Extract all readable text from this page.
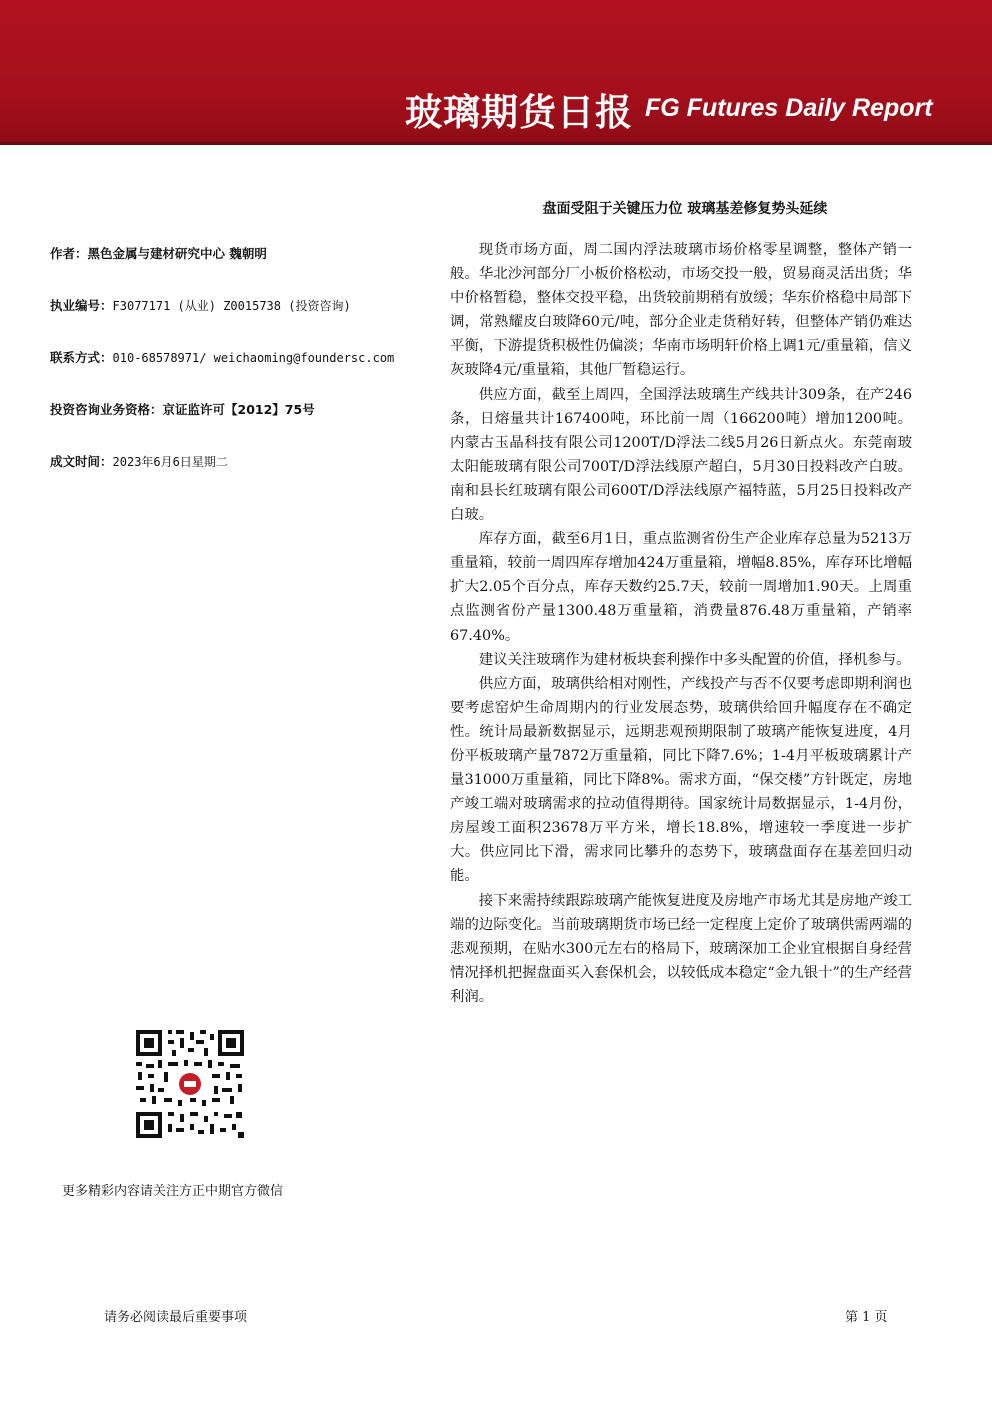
玻璃期货日报 FG Futures Daily Report
盘面受阻于关键压力位 玻璃基差修复势头延续
作者：黑色金属与建材研究中心 魏朝明
执业编号：F3077171 (从业) Z0015738 (投资咨询)
联系方式：010-68578971/ weichaoming@foundersc.com
投资咨询业务资格：京证监许可【2012】75号
成文时间：2023年6月6日星期二

现货市场方面，周二国内浮法玻璃市场价格零星调整，整体产销一般。华北沙河部分厂小板价格松动，市场交投一般，贸易商灵活出货；华中价格暂稳，整体交投平稳，出货较前期稍有放缓；华东价格稳中局部下调，常熟耀皮白玻降60元/吨，部分企业走货稍好转，但整体产销仍难达平衡，下游提货积极性仍偏淡；华南市场明轩价格上调1元/重量箱，信义灰玻降4元/重量箱，其他厂暂稳运行。

供应方面，截至上周四，全国浮法玻璃生产线共计309条，在产246条，日熔量共计167400吨，环比前一周（166200吨）增加1200吨。内蒙古玉晶科技有限公司1200T/D浮法二线5月26日新点火。东莞南玻太阳能玻璃有限公司700T/D浮法线原产超白，5月30日投料改产白玻。南和县长红玻璃有限公司600T/D浮法线原产福特蓝，5月25日投料改产白玻。

库存方面，截至6月1日，重点监测省份生产企业库存总量为5213万重量箱，较前一周四库存增加424万重量箱，增幅8.85%，库存环比增幅扩大2.05个百分点，库存天数约25.7天，较前一周增加1.90天。上周重点监测省份产量1300.48万重量箱，消费量876.48万重量箱，产销率67.40%。

建议关注玻璃作为建材板块套利操作中多头配置的价值，择机参与。

供应方面，玻璃供给相对刚性，产线投产与否不仅要考虑即期利润也要考虑窑炉生命周期内的行业发展态势，玻璃供给回升幅度存在不确定性。统计局最新数据显示，远期悲观预期限制了玻璃产能恢复进度，4月份平板玻璃产量7872万重量箱，同比下降7.6%；1-4月平板玻璃累计产量31000万重量箱，同比下降8%。需求方面，“保交楼”方针既定，房地产竣工端对玻璃需求的拉动值得期待。国家统计局数据显示，1-4月份，房屋竣工面积23678万平方米，增长18.8%，增速较一季度进一步扩大。供应同比下滑，需求同比攀升的态势下，玻璃盘面存在基差回归动能。

接下来需持续跟踪玻璃产能恢复进度及房地产市场尤其是房地产竣工端的边际变化。当前玻璃期货市场已经一定程度上定价了玻璃供需两端的悲观预期，在贴水300元左右的格局下，玻璃深加工企业宜根据自身经营情况择机把握盘面买入套保机会，以较低成本稳定“金九银十”的生产经营利润。

更多精彩内容请关注方正中期官方微信
请务必阅读最后重要事项	第 1 页
